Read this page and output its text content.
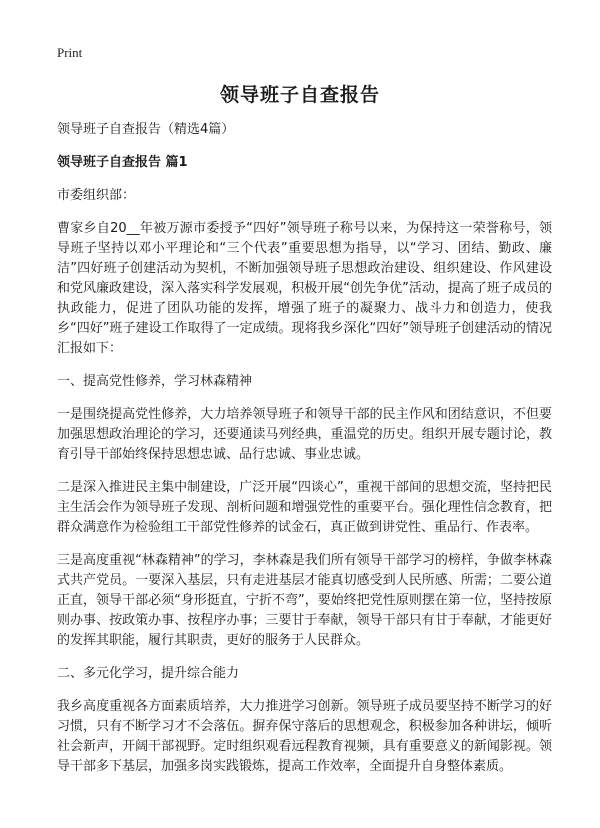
Print
领导班子自查报告

领导班子自查报告（精选4篇）

领导班子自查报告 篇1

市委组织部：

曹家乡自20__年被万源市委授予“四好”领导班子称号以来，为保持这一荣誉称号，领导班子坚持以邓小平理论和“三个代表”重要思想为指导，以“学习、团结、勤政、廉洁”四好班子创建活动为契机，不断加强领导班子思想政治建设、组织建设、作风建设和党风廉政建设，深入落实科学发展观，积极开展“创先争优”活动，提高了班子成员的执政能力，促进了团队功能的发挥，增强了班子的凝聚力、战斗力和创造力，使我乡“四好”班子建设工作取得了一定成绩。现将我乡深化“四好”领导班子创建活动的情况汇报如下：

一、提高党性修养，学习林森精神

一是围绕提高党性修养，大力培养领导班子和领导干部的民主作风和团结意识，不但要加强思想政治理论的学习，还要通读马列经典，重温党的历史。组织开展专题讨论，教育引导干部始终保持思想忠诚、品行忠诚、事业忠诚。

二是深入推进民主集中制建设，广泛开展“四谈心”，重视干部间的思想交流，坚持把民主生活会作为领导班子发现、剖析问题和增强党性的重要平台。强化理性信念教育，把群众满意作为检验组工干部党性修养的试金石，真正做到讲党性、重品行、作表率。

三是高度重视“林森精神”的学习，李林森是我们所有领导干部学习的榜样，争做李林森式共产党员。一要深入基层，只有走进基层才能真切感受到人民所感、所需；二要公道正直，领导干部必须“身形挺直，宁折不弯”，要始终把党性原则摆在第一位，坚持按原则办事、按政策办事、按程序办事；三要甘于奉献，领导干部只有甘于奉献，才能更好的发挥其职能，履行其职责，更好的服务于人民群众。

二、多元化学习，提升综合能力

我乡高度重视各方面素质培养，大力推进学习创新。领导班子成员要坚持不断学习的好习惯，只有不断学习才不会落伍。摒弃保守落后的思想观念，积极参加各种讲坛，倾听社会新声，开阔干部视野。定时组织观看远程教育视频，具有重要意义的新闻影视。领导干部多下基层，加强多岗实践锻炼，提高工作效率，全面提升自身整体素质。
